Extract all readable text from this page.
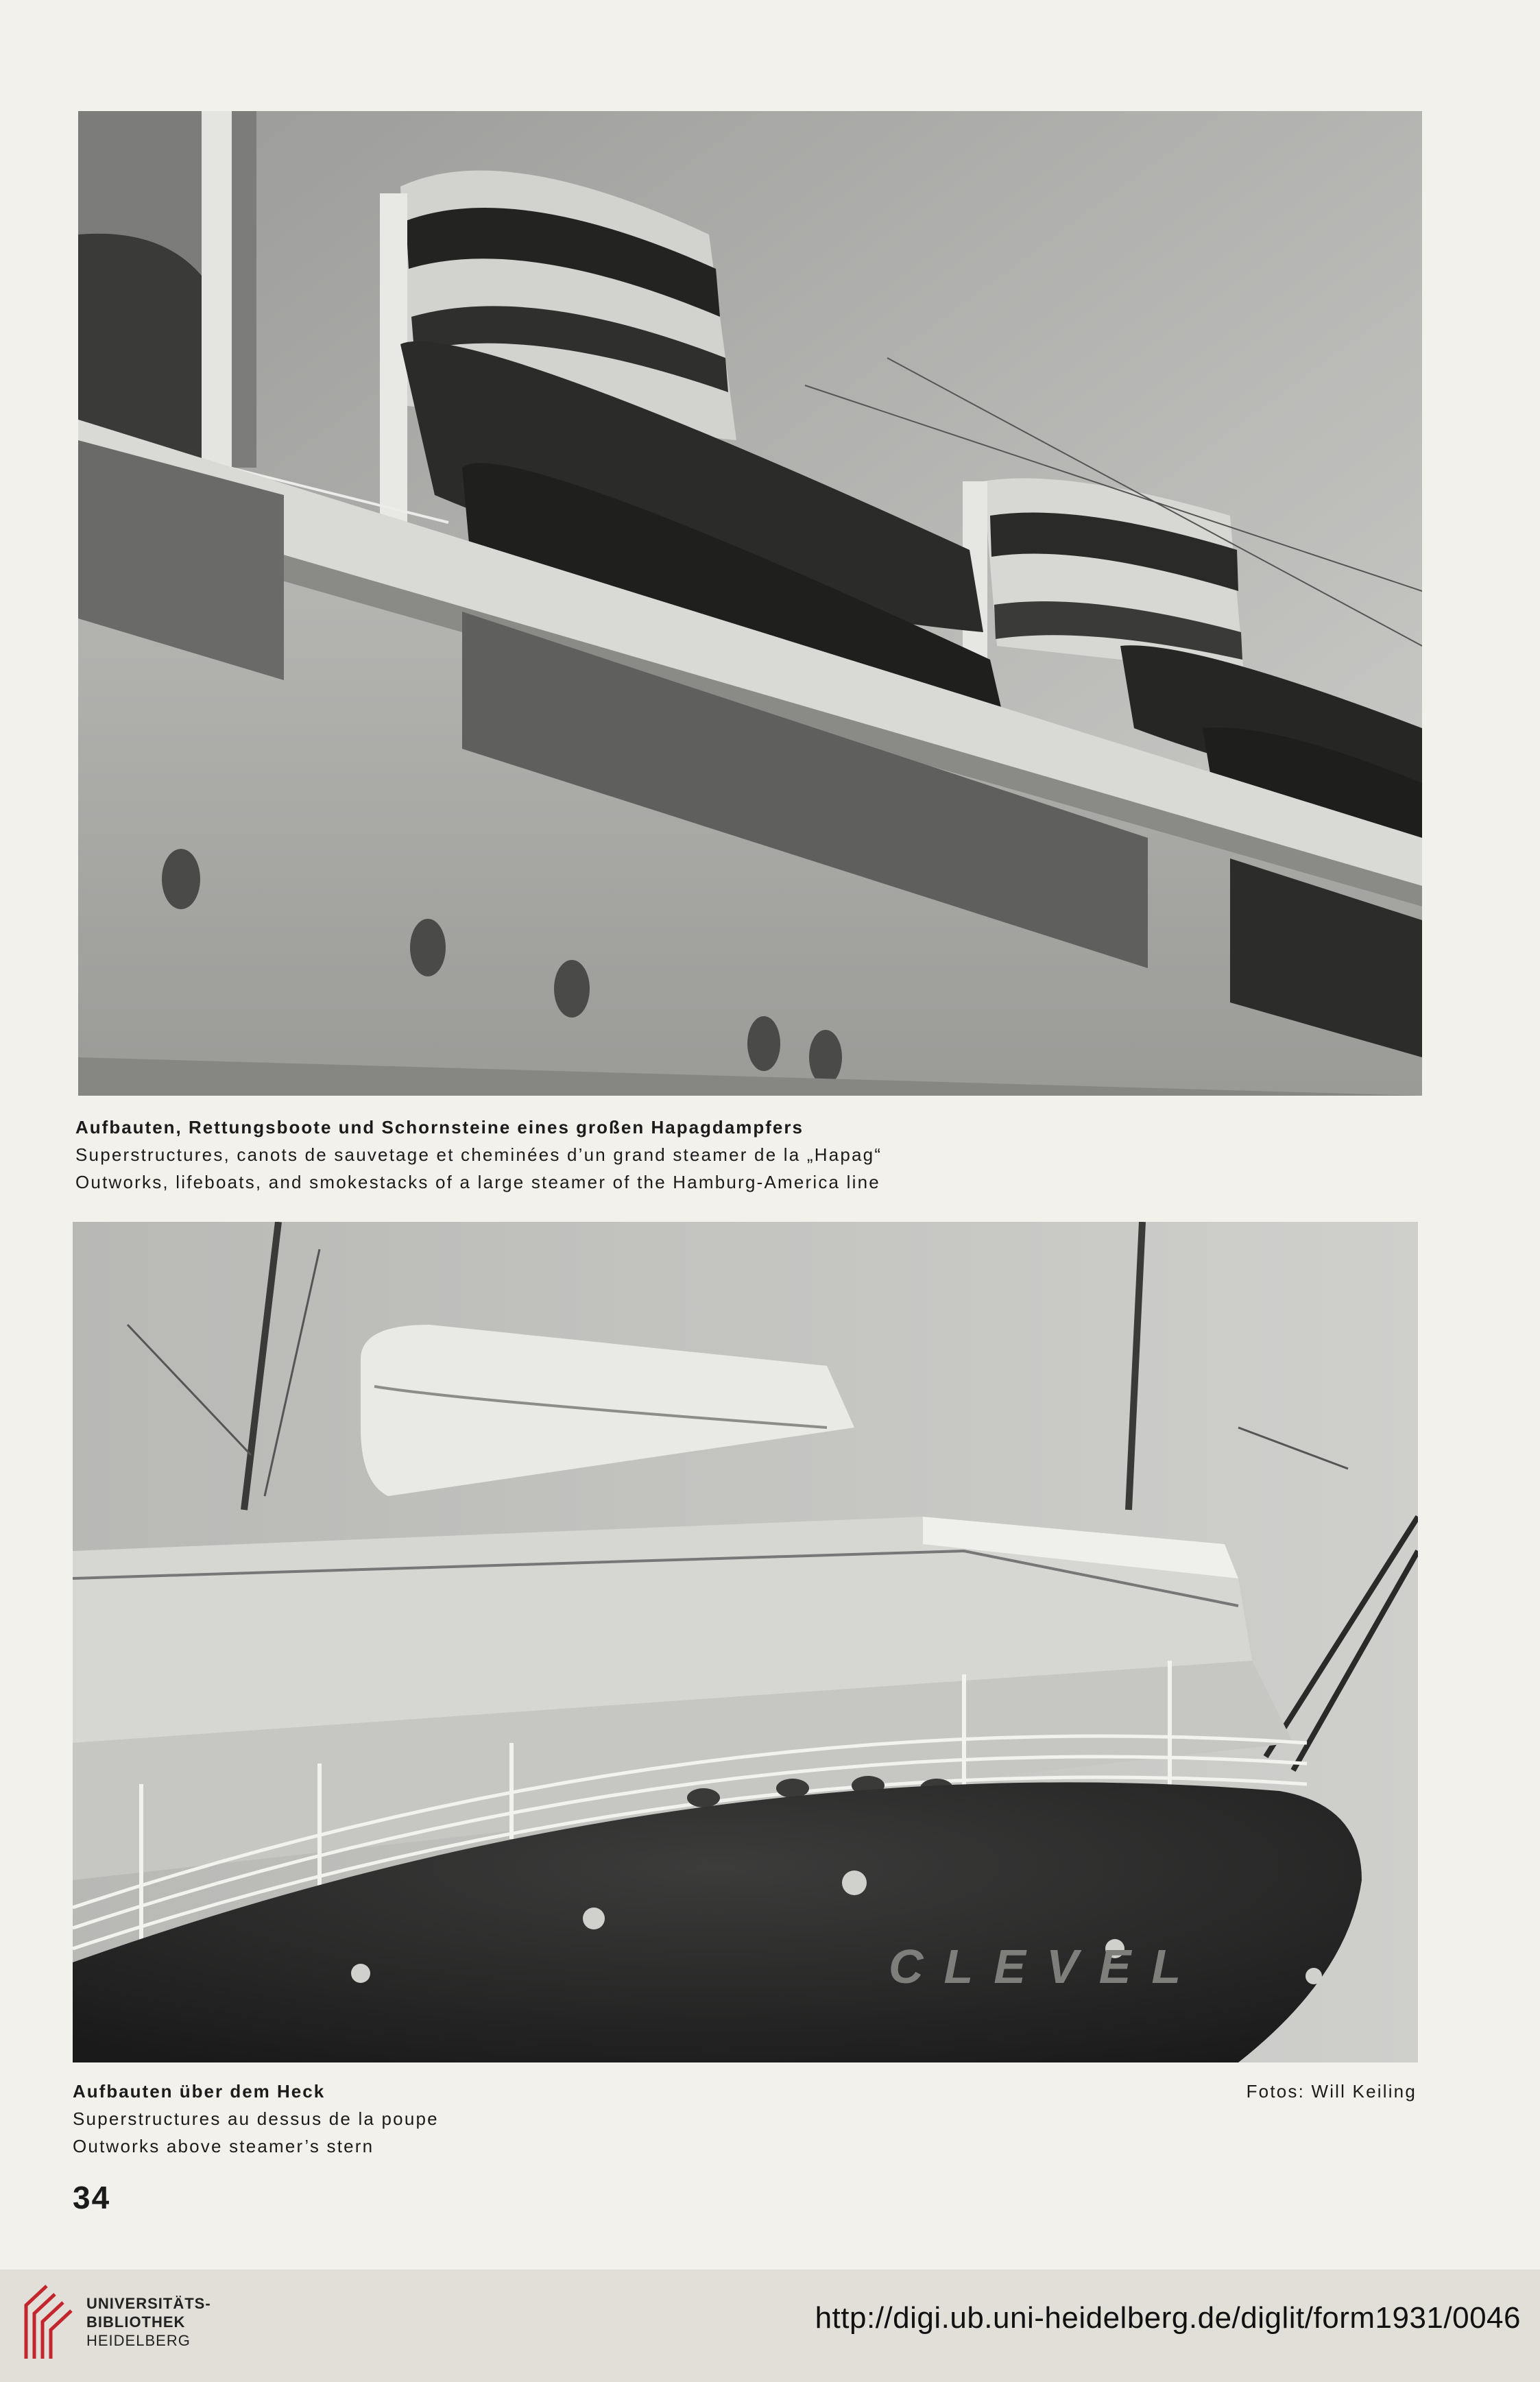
Aufbauten, Rettungsboote und Schornsteine eines großen Hapagdampfers
Superstructures, canots de sauvetage et cheminées d’un grand steamer de la „Hapag“
Outworks, lifeboats, and smokestacks of a large steamer of the Hamburg-America line
CLEVEL
Aufbauten über dem Heck
Superstructures au dessus de la poupe
Outworks above steamer’s stern
Fotos: Will Keiling
34
UNIVERSITÄTS-
BIBLIOTHEK
HEIDELBERG
http://digi.ub.uni-heidelberg.de/diglit/form1931/0046
